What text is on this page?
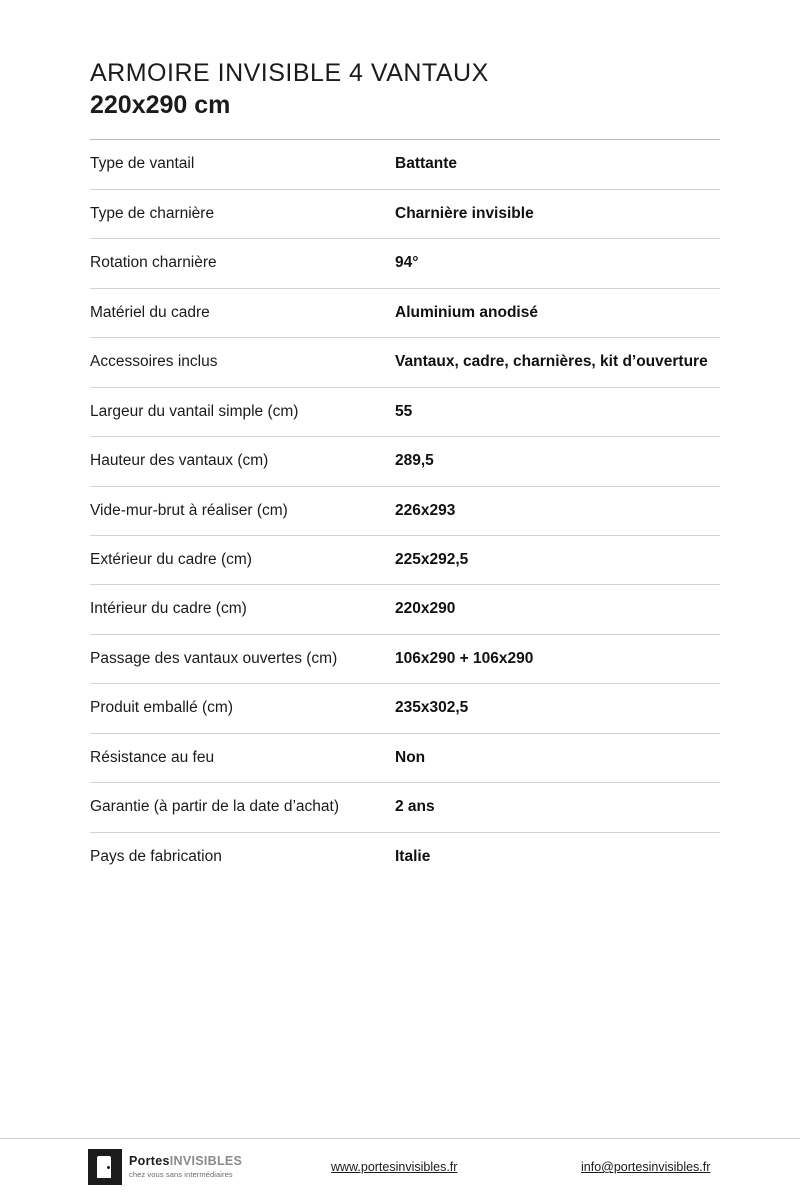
ARMOIRE INVISIBLE 4 VANTAUX
220x290 cm
Type de vantail	Battante
Type de charnière	Charnière invisible
Rotation charnière	94°
Matériel du cadre	Aluminium anodisé
Accessoires inclus	Vantaux, cadre, charnières, kit d’ouverture
Largeur du vantail simple (cm)	55
Hauteur des vantaux (cm)	289,5
Vide-mur-brut à réaliser (cm)	226x293
Extérieur du cadre (cm)	225x292,5
Intérieur du cadre (cm)	220x290
Passage des vantaux ouvertes (cm)	106x290 + 106x290
Produit emballé (cm)	235x302,5
Résistance au feu	Non
Garantie (à partir de la date d’achat)	2 ans
Pays de fabrication	Italie
PortesINVISIBLES
chez vous sans intermédiaires
www.portesinvisibles.fr	info@portesinvisibles.fr
